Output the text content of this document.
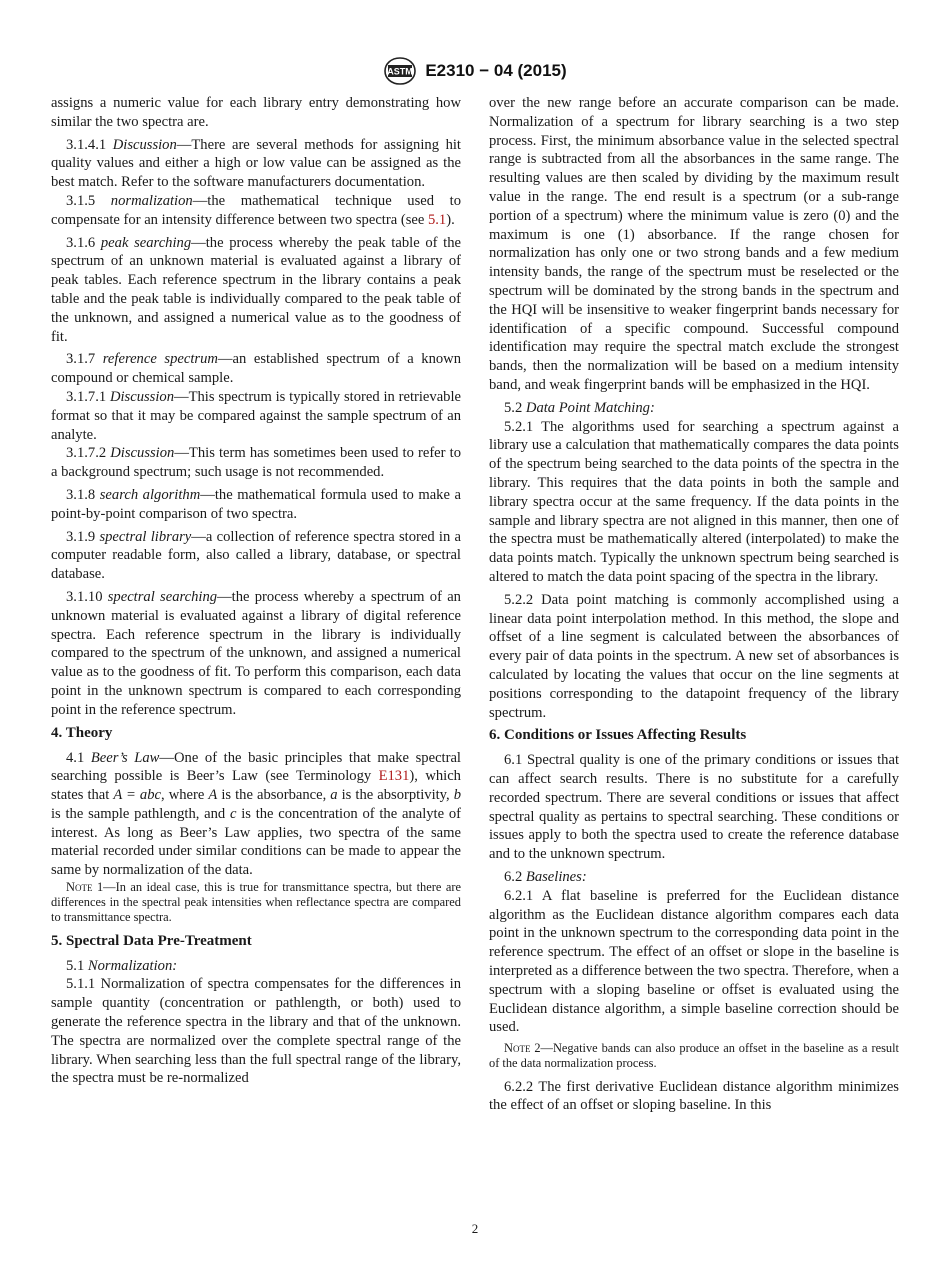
ASTM E2310 − 04 (2015)

assigns a numeric value for each library entry demonstrating how similar the two spectra are.

3.1.4.1 Discussion—There are several methods for assigning hit quality values and either a high or low value can be assigned as the best match. Refer to the software manufacturers documentation.

3.1.5 normalization—the mathematical technique used to compensate for an intensity difference between two spectra (see 5.1).

3.1.6 peak searching—the process whereby the peak table of the spectrum of an unknown material is evaluated against a library of peak tables. Each reference spectrum in the library contains a peak table and the peak table is individually compared to the peak table of the unknown, and assigned a numerical value as to the goodness of fit.

3.1.7 reference spectrum—an established spectrum of a known compound or chemical sample.

3.1.7.1 Discussion—This spectrum is typically stored in retrievable format so that it may be compared against the sample spectrum of an analyte.

3.1.7.2 Discussion—This term has sometimes been used to refer to a background spectrum; such usage is not recommended.

3.1.8 search algorithm—the mathematical formula used to make a point-by-point comparison of two spectra.

3.1.9 spectral library—a collection of reference spectra stored in a computer readable form, also called a library, database, or spectral database.

3.1.10 spectral searching—the process whereby a spectrum of an unknown material is evaluated against a library of digital reference spectra. Each reference spectrum in the library is individually compared to the spectrum of the unknown, and assigned a numerical value as to the goodness of fit. To perform this comparison, each data point in the unknown spectrum is compared to each corresponding point in the reference spectrum.

4. Theory

4.1 Beer’s Law—One of the basic principles that make spectral searching possible is Beer’s Law (see Terminology E131), which states that A = abc, where A is the absorbance, a is the absorptivity, b is the sample pathlength, and c is the concentration of the analyte of interest. As long as Beer’s Law applies, two spectra of the same material recorded under similar conditions can be made to appear the same by normalization of the data.

Note 1—In an ideal case, this is true for transmittance spectra, but there are differences in the spectral peak intensities when reflectance spectra are compared to transmittance spectra.

5. Spectral Data Pre-Treatment

5.1 Normalization:

5.1.1 Normalization of spectra compensates for the differences in sample quantity (concentration or pathlength, or both) used to generate the reference spectra in the library and that of the unknown. The spectra are normalized over the complete spectral range of the library. When searching less than the full spectral range of the library, the spectra must be re-normalized

over the new range before an accurate comparison can be made. Normalization of a spectrum for library searching is a two step process. First, the minimum absorbance value in the selected spectral range is subtracted from all the absorbances in the same range. The resulting values are then scaled by dividing by the maximum result value in the range. The end result is a spectrum (or a sub-range portion of a spectrum) where the minimum value is zero (0) and the maximum is one (1) absorbance. If the range chosen for normalization has only one or two strong bands and a few medium intensity bands, the range of the spectrum must be reselected or the spectrum will be dominated by the strong bands in the spectrum and the HQI will be insensitive to weaker fingerprint bands necessary for identification of a specific compound. Successful compound identification may require the spectral match exclude the strongest bands, then the normalization will be based on a medium intensity band, and weak fingerprint bands will be emphasized in the HQI.

5.2 Data Point Matching:

5.2.1 The algorithms used for searching a spectrum against a library use a calculation that mathematically compares the data points of the spectrum being searched to the data points of the spectra in the library. This requires that the data points in both the sample and library spectra occur at the same frequency. If the data points in the sample and library spectra are not aligned in this manner, then one of the spectra must be mathematically altered (interpolated) to make the data points match. Typically the unknown spectrum being searched is altered to match the data point spacing of the spectra in the library.

5.2.2 Data point matching is commonly accomplished using a linear data point interpolation method. In this method, the slope and offset of a line segment is calculated between the absorbances of every pair of data points in the spectrum. A new set of absorbances is calculated by locating the values that occur on the line segments at positions corresponding to the datapoint frequency of the library spectrum.

6. Conditions or Issues Affecting Results

6.1 Spectral quality is one of the primary conditions or issues that can affect search results. There is no substitute for a carefully recorded spectrum. There are several conditions or issues that affect spectral quality as pertains to spectral searching. These conditions or issues apply to both the spectra used to create the reference database and to the unknown spectrum.

6.2 Baselines:

6.2.1 A flat baseline is preferred for the Euclidean distance algorithm as the Euclidean distance algorithm compares each data point in the unknown spectrum to the corresponding data point in the reference spectrum. The effect of an offset or slope in the baseline is interpreted as a difference between the two spectra. Therefore, when a spectrum with a sloping baseline or offset is evaluated using the Euclidean distance algorithm, a simple baseline correction should be used.

Note 2—Negative bands can also produce an offset in the baseline as a result of the data normalization process.

6.2.2 The first derivative Euclidean distance algorithm minimizes the effect of an offset or sloping baseline. In this

2
